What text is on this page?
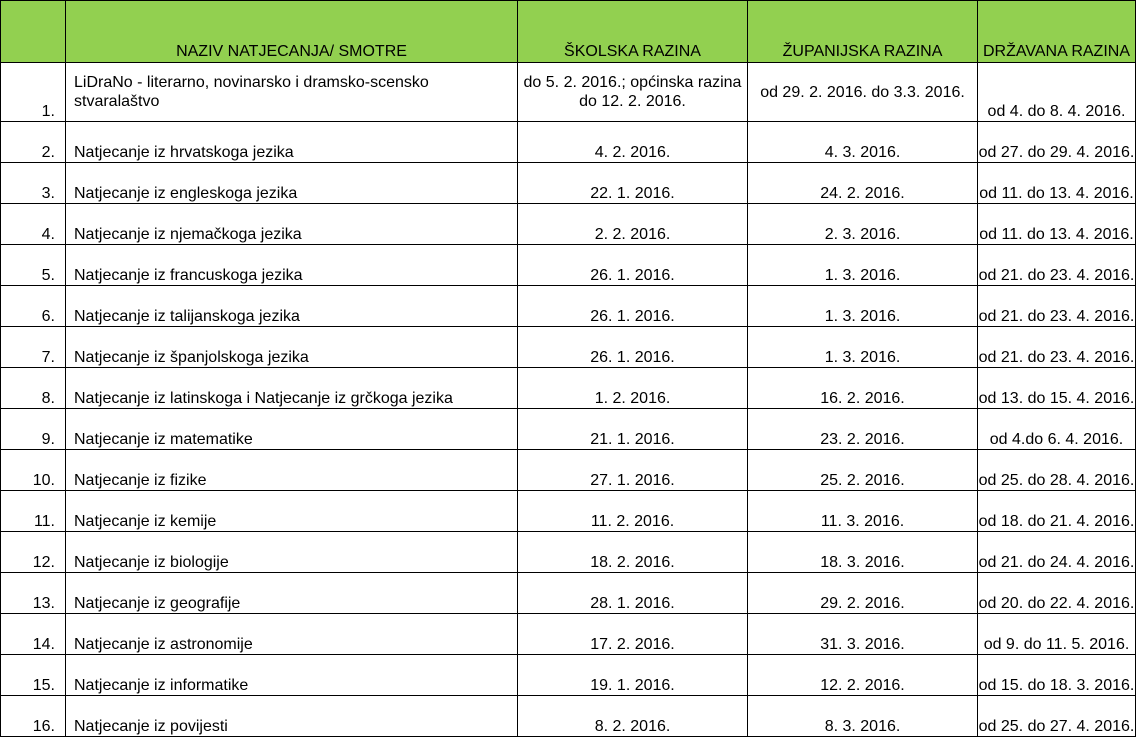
	NAZIV NATJECANJA/ SMOTRE	ŠKOLSKA RAZINA	ŽUPANIJSKA RAZINA	DRŽAVANA RAZINA
1.	LiDraNo - literarno, novinarsko i dramsko-scensko stvaralaštvo	do 5. 2. 2016.; općinska razina do 12. 2. 2016.	od 29. 2. 2016. do 3.3. 2016.	od 4. do 8. 4. 2016.
2.	Natjecanje iz hrvatskoga jezika	4. 2. 2016.	4. 3. 2016.	od 27. do 29. 4. 2016.
3.	Natjecanje iz engleskoga jezika	22. 1. 2016.	24. 2. 2016.	od 11. do 13. 4. 2016.
4.	Natjecanje iz njemačkoga jezika	2. 2. 2016.	2. 3. 2016.	od 11. do 13. 4. 2016.
5.	Natjecanje iz francuskoga jezika	26. 1. 2016.	1. 3. 2016.	od 21. do 23. 4. 2016.
6.	Natjecanje iz talijanskoga jezika	26. 1. 2016.	1. 3. 2016.	od 21. do 23. 4. 2016.
7.	Natjecanje iz španjolskoga jezika	26. 1. 2016.	1. 3. 2016.	od 21. do 23. 4. 2016.
8.	Natjecanje iz latinskoga i Natjecanje iz grčkoga jezika	1. 2. 2016.	16. 2. 2016.	od 13. do 15. 4. 2016.
9.	Natjecanje iz matematike	21. 1. 2016.	23. 2. 2016.	od 4.do 6. 4. 2016.
10.	Natjecanje iz fizike	27. 1. 2016.	25. 2. 2016.	od 25. do 28. 4. 2016.
11.	Natjecanje iz kemije	11. 2. 2016.	11. 3. 2016.	od 18. do 21. 4. 2016.
12.	Natjecanje iz biologije	18. 2. 2016.	18. 3. 2016.	od 21. do 24. 4. 2016.
13.	Natjecanje iz geografije	28. 1. 2016.	29. 2. 2016.	od 20. do 22. 4. 2016.
14.	Natjecanje iz astronomije	17. 2. 2016.	31. 3. 2016.	od 9. do 11. 5. 2016.
15.	Natjecanje iz informatike	19. 1. 2016.	12. 2. 2016.	od 15. do 18. 3. 2016.
16.	Natjecanje iz povijesti	8. 2. 2016.	8. 3. 2016.	od 25. do 27. 4. 2016.
